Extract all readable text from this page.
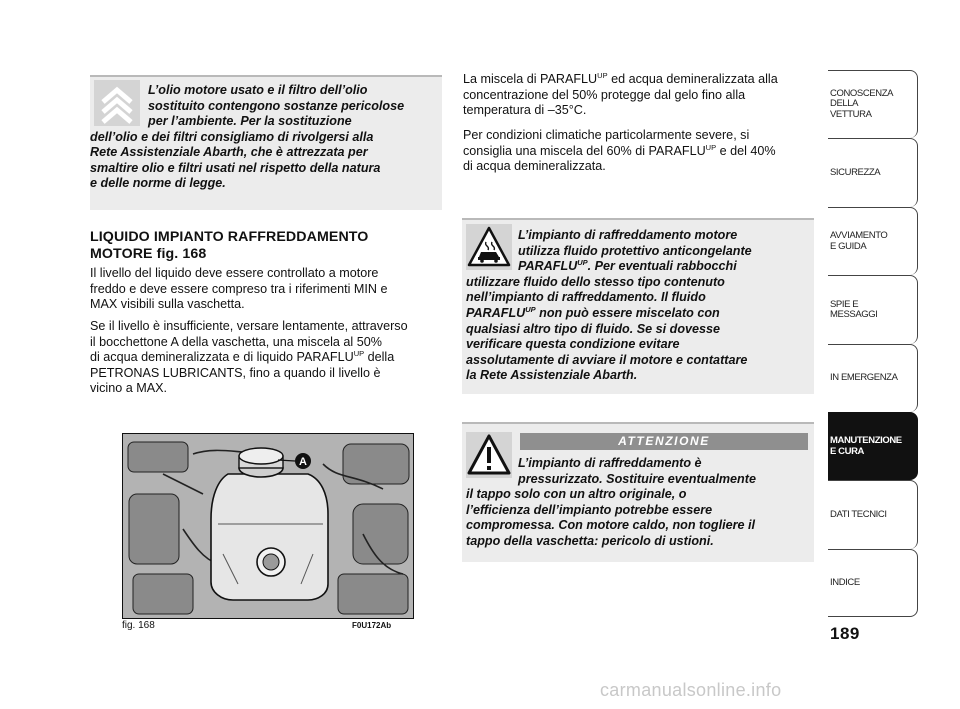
L’olio motore usato e il filtro dell’olio
sostituito contengono sostanze pericolose
per l’ambiente. Per la sostituzione
dell’olio e dei filtri consigliamo di rivolgersi alla
Rete Assistenziale Abarth, che è attrezzata per
smaltire olio e filtri usati nel rispetto della natura
e delle norme di legge.
LIQUIDO IMPIANTO RAFFREDDAMENTO
MOTORE fig. 168
Il livello del liquido deve essere controllato a motore
freddo e deve essere compreso tra i riferimenti MIN e
MAX visibili sulla vaschetta.
Se il livello è insufficiente, versare lentamente, attraverso
il bocchettone A della vaschetta, una miscela al 50%
di acqua demineralizzata e di liquido $PARAFLU^{UP}$ della
PETRONAS LUBRICANTS, fino a quando il livello è
vicino a MAX.
A
fig. 168	F0U172Ab
La miscela di $PARAFLU^{UP}$ ed acqua demineralizzata alla
concentrazione del 50% protegge dal gelo fino alla
temperatura di –35°C.
Per condizioni climatiche particolarmente severe, si
consiglia una miscela del 60% di $PARAFLU^{UP}$ e del 40%
di acqua demineralizzata.
L’impianto di raffreddamento motore
utilizza fluido protettivo anticongelante
$PARAFLU^{UP}$. Per eventuali rabbocchi
utilizzare fluido dello stesso tipo contenuto
nell’impianto di raffreddamento. Il fluido
$PARAFLU^{UP}$ non può essere miscelato con
qualsiasi altro tipo di fluido. Se si dovesse
verificare questa condizione evitare
assolutamente di avviare il motore e contattare
la Rete Assistenziale Abarth.
ATTENZIONE
L’impianto di raffreddamento è
pressurizzato. Sostituire eventualmente
il tappo solo con un altro originale, o
l’efficienza dell’impianto potrebbe essere
compromessa. Con motore caldo, non togliere il
tappo della vaschetta: pericolo di ustioni.
CONOSCENZA
DELLA
VETTURA
SICUREZZA
AVVIAMENTO
E GUIDA
SPIE E
MESSAGGI
IN EMERGENZA
MANUTENZIONE
E CURA
DATI TECNICI
INDICE
189
carmanualsonline.info
